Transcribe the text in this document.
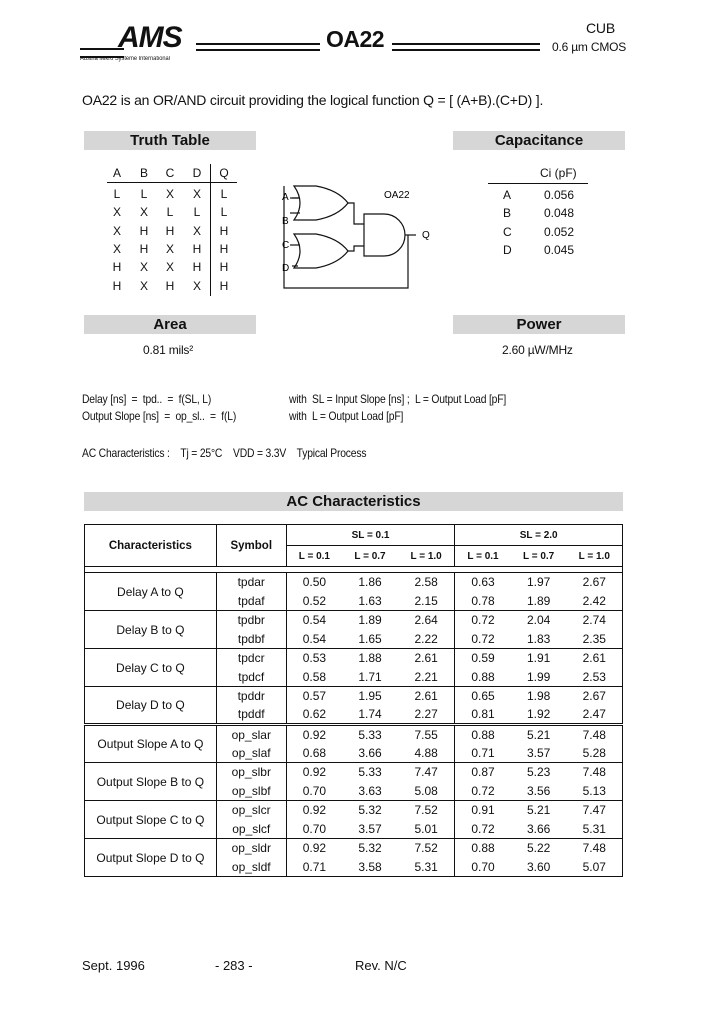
AMS
Austria Mikro Systeme International
OA22	CUB
0.6 µm CMOS
OA22 is an OR/AND circuit providing the logical function Q = [ (A+B).(C+D) ].
Truth Table	Capacitance
Area	Power
A	B	C	D	Q
L	L	X	X	L
X	X	L	L	L
X	H	H	X	H
X	H	X	H	H
H	X	X	H	H
H	X	H	X	H
A
B
C
D
Q
OA22
Ci (pF)
A	0.056
B	0.048
C	0.052
D	0.045
0.81 mils²	2.60 µW/MHz
Delay [ns]  =  tpd..  =  f(SL, L)	with  SL = Input Slope [ns] ;  L = Output Load [pF]
Output Slope [ns]  =  op_sl..  =  f(L)	with  L = Output Load [pF]
AC Characteristics :    Tj = 25°C    VDD = 3.3V    Typical Process
AC Characteristics
Characteristics	Symbol	SL = 0.1			SL = 2.0		
		L = 0.1	L = 0.7	L = 1.0	L = 0.1	L = 0.7	L = 1.0

Delay A to Q	tpdar	0.50	1.86	2.58	0.63	1.97	2.67
	tpdaf	0.52	1.63	2.15	0.78	1.89	2.42
Delay B to Q	tpdbr	0.54	1.89	2.64	0.72	2.04	2.74
	tpdbf	0.54	1.65	2.22	0.72	1.83	2.35
Delay C to Q	tpdcr	0.53	1.88	2.61	0.59	1.91	2.61
	tpdcf	0.58	1.71	2.21	0.88	1.99	2.53
Delay D to Q	tpddr	0.57	1.95	2.61	0.65	1.98	2.67
	tpddf	0.62	1.74	2.27	0.81	1.92	2.47
Output Slope A to Q	op_slar	0.92	5.33	7.55	0.88	5.21	7.48
	op_slaf	0.68	3.66	4.88	0.71	3.57	5.28
Output Slope B to Q	op_slbr	0.92	5.33	7.47	0.87	5.23	7.48
	op_slbf	0.70	3.63	5.08	0.72	3.56	5.13
Output Slope C to Q	op_slcr	0.92	5.32	7.52	0.91	5.21	7.47
	op_slcf	0.70	3.57	5.01	0.72	3.66	5.31
Output Slope D to Q	op_sldr	0.92	5.32	7.52	0.88	5.22	7.48
	op_sldf	0.71	3.58	5.31	0.70	3.60	5.07
Sept. 1996	- 283 -	Rev. N/C
